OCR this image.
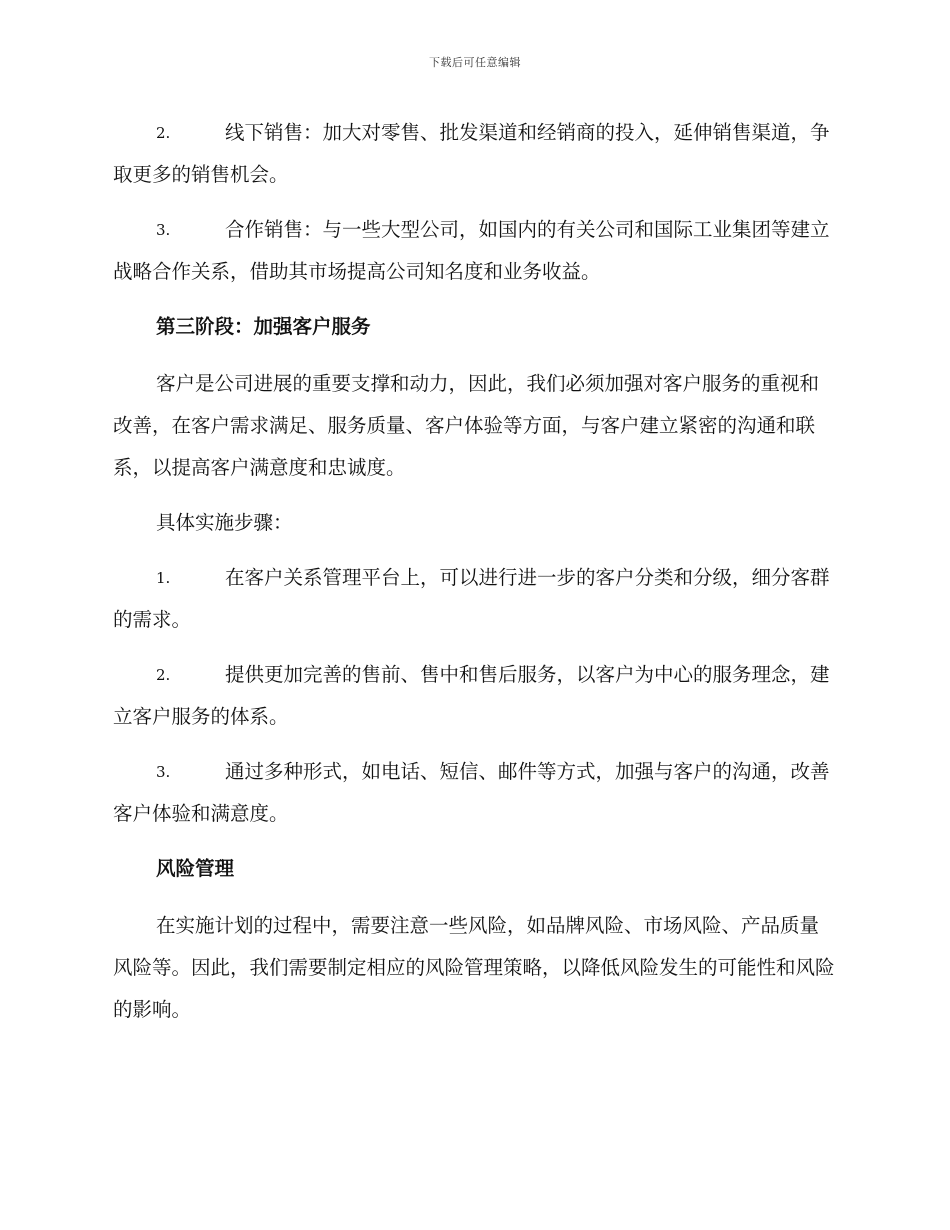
下载后可任意编辑

2.	线下销售：加大对零售、批发渠道和经销商的投入，延伸销售渠道，争取更多的销售机会。

3.	合作销售：与一些大型公司，如国内的有关公司和国际工业集团等建立战略合作关系，借助其市场提高公司知名度和业务收益。

第三阶段：加强客户服务

客户是公司进展的重要支撑和动力，因此，我们必须加强对客户服务的重视和改善，在客户需求满足、服务质量、客户体验等方面，与客户建立紧密的沟通和联系，以提高客户满意度和忠诚度。

具体实施步骤：

1.	在客户关系管理平台上，可以进行进一步的客户分类和分级，细分客群的需求。

2.	提供更加完善的售前、售中和售后服务，以客户为中心的服务理念，建立客户服务的体系。

3.	通过多种形式，如电话、短信、邮件等方式，加强与客户的沟通，改善客户体验和满意度。

风险管理

在实施计划的过程中，需要注意一些风险，如品牌风险、市场风险、产品质量风险等。因此，我们需要制定相应的风险管理策略，以降低风险发生的可能性和风险的影响。
